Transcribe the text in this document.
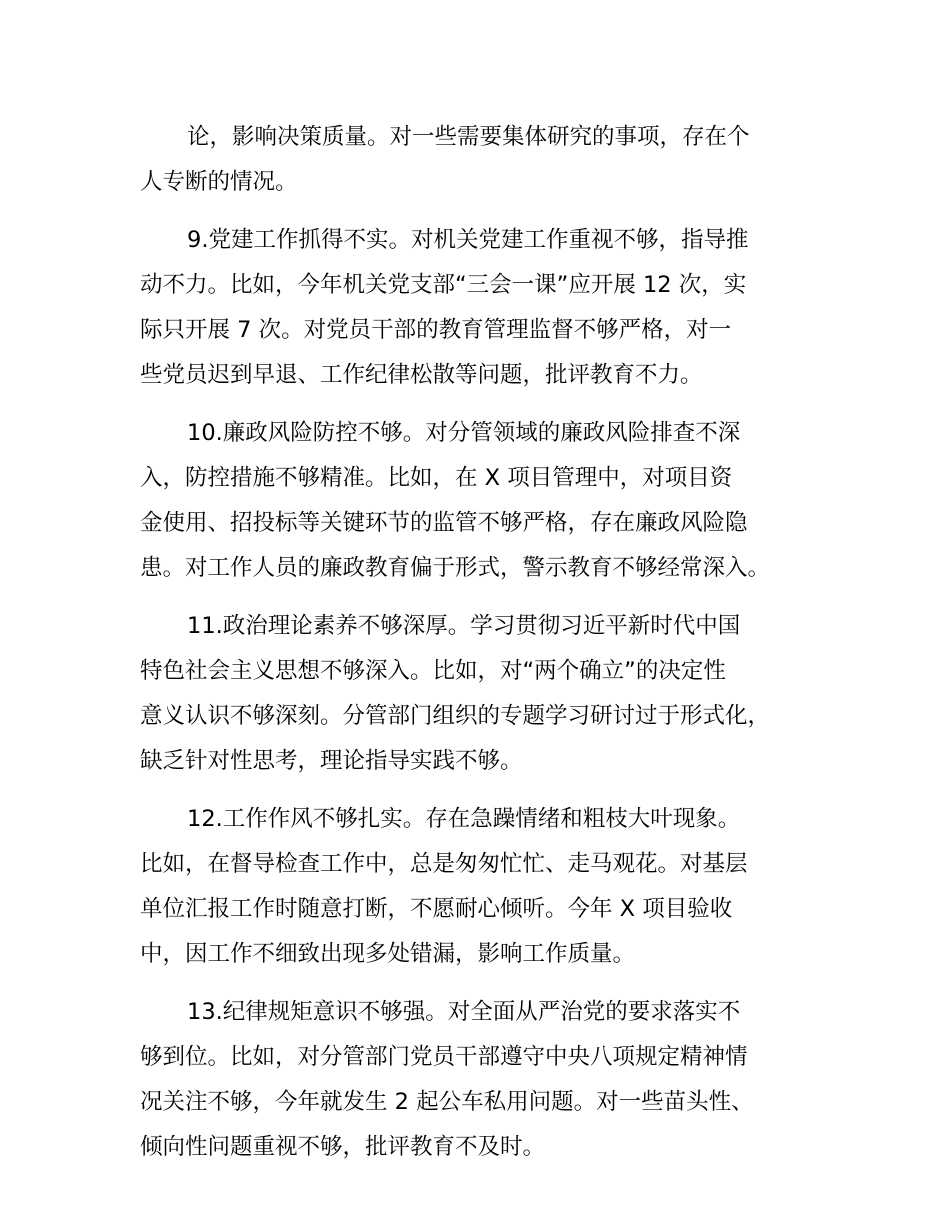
论，影响决策质量。对一些需要集体研究的事项，存在个
人专断的情况。

9.党建工作抓得不实。对机关党建工作重视不够，指导推
动不力。比如，今年机关党支部“三会一课”应开展 12 次，实
际只开展 7 次。对党员干部的教育管理监督不够严格，对一
些党员迟到早退、工作纪律松散等问题，批评教育不力。

10.廉政风险防控不够。对分管领域的廉政风险排查不深
入，防控措施不够精准。比如，在 X 项目管理中，对项目资
金使用、招投标等关键环节的监管不够严格，存在廉政风险隐
患。对工作人员的廉政教育偏于形式，警示教育不够经常深入。

11.政治理论素养不够深厚。学习贯彻习近平新时代中国
特色社会主义思想不够深入。比如，对“两个确立”的决定性
意义认识不够深刻。分管部门组织的专题学习研讨过于形式化，
缺乏针对性思考，理论指导实践不够。

12.工作作风不够扎实。存在急躁情绪和粗枝大叶现象。
比如，在督导检查工作中，总是匆匆忙忙、走马观花。对基层
单位汇报工作时随意打断，不愿耐心倾听。今年 X 项目验收
中，因工作不细致出现多处错漏，影响工作质量。

13.纪律规矩意识不够强。对全面从严治党的要求落实不
够到位。比如，对分管部门党员干部遵守中央八项规定精神情
况关注不够，今年就发生 2 起公车私用问题。对一些苗头性、
倾向性问题重视不够，批评教育不及时。
